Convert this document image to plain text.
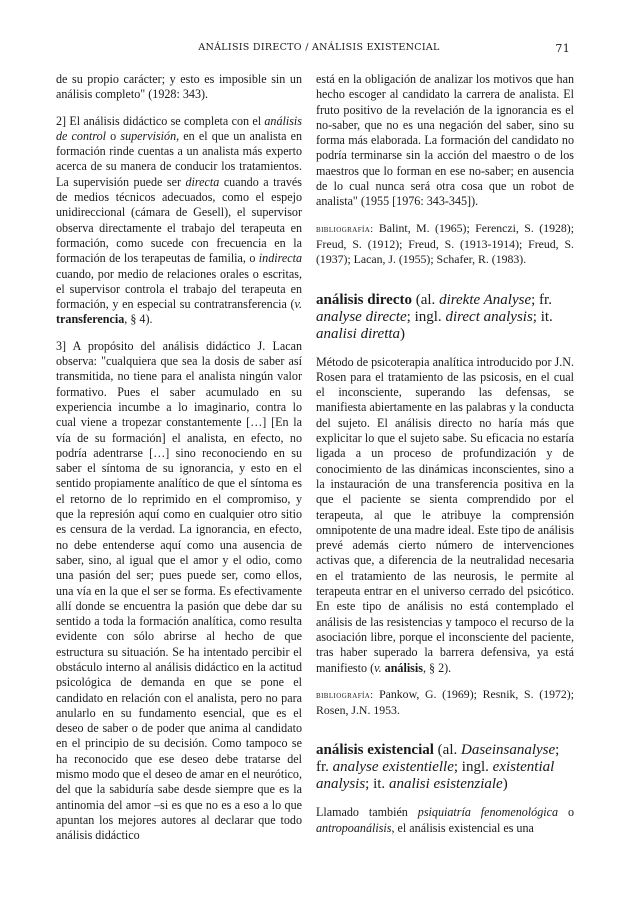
ANÁLISIS DIRECTO / ANÁLISIS EXISTENCIAL	71

de su propio carácter; y esto es imposible sin un análisis completo" (1928: 343).

2] El análisis didáctico se completa con el análisis de control o supervisión, en el que un analista en formación rinde cuentas a un analista más experto acerca de su manera de conducir los tratamientos. La supervisión puede ser directa cuando a través de medios técnicos adecuados, como el espejo unidireccional (cámara de Gesell), el supervisor observa directamente el trabajo del terapeuta en formación, como sucede con frecuencia en la formación de los terapeutas de familia, o indirecta cuando, por medio de relaciones orales o escritas, el supervisor controla el trabajo del terapeuta en formación, y en especial su contratransferencia (v. transferencia, § 4).

3] A propósito del análisis didáctico J. Lacan observa: "cualquiera que sea la dosis de saber así transmitida, no tiene para el analista ningún valor formativo. Pues el saber acumulado en su experiencia incumbe a lo imaginario, contra lo cual viene a tropezar constantemente […] [En la vía de su formación] el analista, en efecto, no podría adentrarse […] sino reconociendo en su saber el síntoma de su ignorancia, y esto en el sentido propiamente analítico de que el síntoma es el retorno de lo reprimido en el compromiso, y que la represión aquí como en cualquier otro sitio es censura de la verdad. La ignorancia, en efecto, no debe entenderse aquí como una ausencia de saber, sino, al igual que el amor y el odio, como una pasión del ser; pues puede ser, como ellos, una vía en la que el ser se forma. Es efectivamente allí donde se encuentra la pasión que debe dar su sentido a toda la formación analítica, como resulta evidente con sólo abrirse al hecho de que estructura su situación. Se ha intentado percibir el obstáculo interno al análisis didáctico en la actitud psicológica de demanda en que se pone el candidato en relación con el analista, pero no para anularlo en su fundamento esencial, que es el deseo de saber o de poder que anima al candidato en el principio de su decisión. Como tampoco se ha reconocido que ese deseo debe tratarse del mismo modo que el deseo de amar en el neurótico, del que la sabiduría sabe desde siempre que es la antinomia del amor –si es que no es a eso a lo que apuntan los mejores autores al declarar que todo análisis didáctico

está en la obligación de analizar los motivos que han hecho escoger al candidato la carrera de analista. El fruto positivo de la revelación de la ignorancia es el no-saber, que no es una negación del saber, sino su forma más elaborada. La formación del candidato no podría terminarse sin la acción del maestro o de los maestros que lo forman en ese no-saber; en ausencia de lo cual nunca será otra cosa que un robot de analista" (1955 [1976: 343-345]).

bibliografía: Balint, M. (1965); Ferenczi, S. (1928); Freud, S. (1912); Freud, S. (1913-1914); Freud, S. (1937); Lacan, J. (1955); Schafer, R. (1983).

análisis directo (al. direkte Analyse; fr. analyse directe; ingl. direct analysis; it. analisi diretta)

Método de psicoterapia analítica introducido por J.N. Rosen para el tratamiento de las psicosis, en el cual el inconsciente, superando las defensas, se manifiesta abiertamente en las palabras y la conducta del sujeto. El análisis directo no haría más que explicitar lo que el sujeto sabe. Su eficacia no estaría ligada a un proceso de profundización y de conocimiento de las dinámicas inconscientes, sino a la instauración de una transferencia positiva en la que el paciente se sienta comprendido por el terapeuta, al que le atribuye la comprensión omnipotente de una madre ideal. Este tipo de análisis prevé además cierto número de intervenciones activas que, a diferencia de la neutralidad necesaria en el tratamiento de las neurosis, le permite al terapeuta entrar en el universo cerrado del psicótico. En este tipo de análisis no está contemplado el análisis de las resistencias y tampoco el recurso de la asociación libre, porque el inconsciente del paciente, tras haber superado la barrera defensiva, ya está manifiesto (v. análisis, § 2).

bibliografía: Pankow, G. (1969); Resnik, S. (1972); Rosen, J.N. 1953.

análisis existencial (al. Daseinsanalyse; fr. analyse existentielle; ingl. existential analysis; it. analisi esistenziale)

Llamado también psiquiatría fenomenológica o antropoanálisis, el análisis existencial es una
